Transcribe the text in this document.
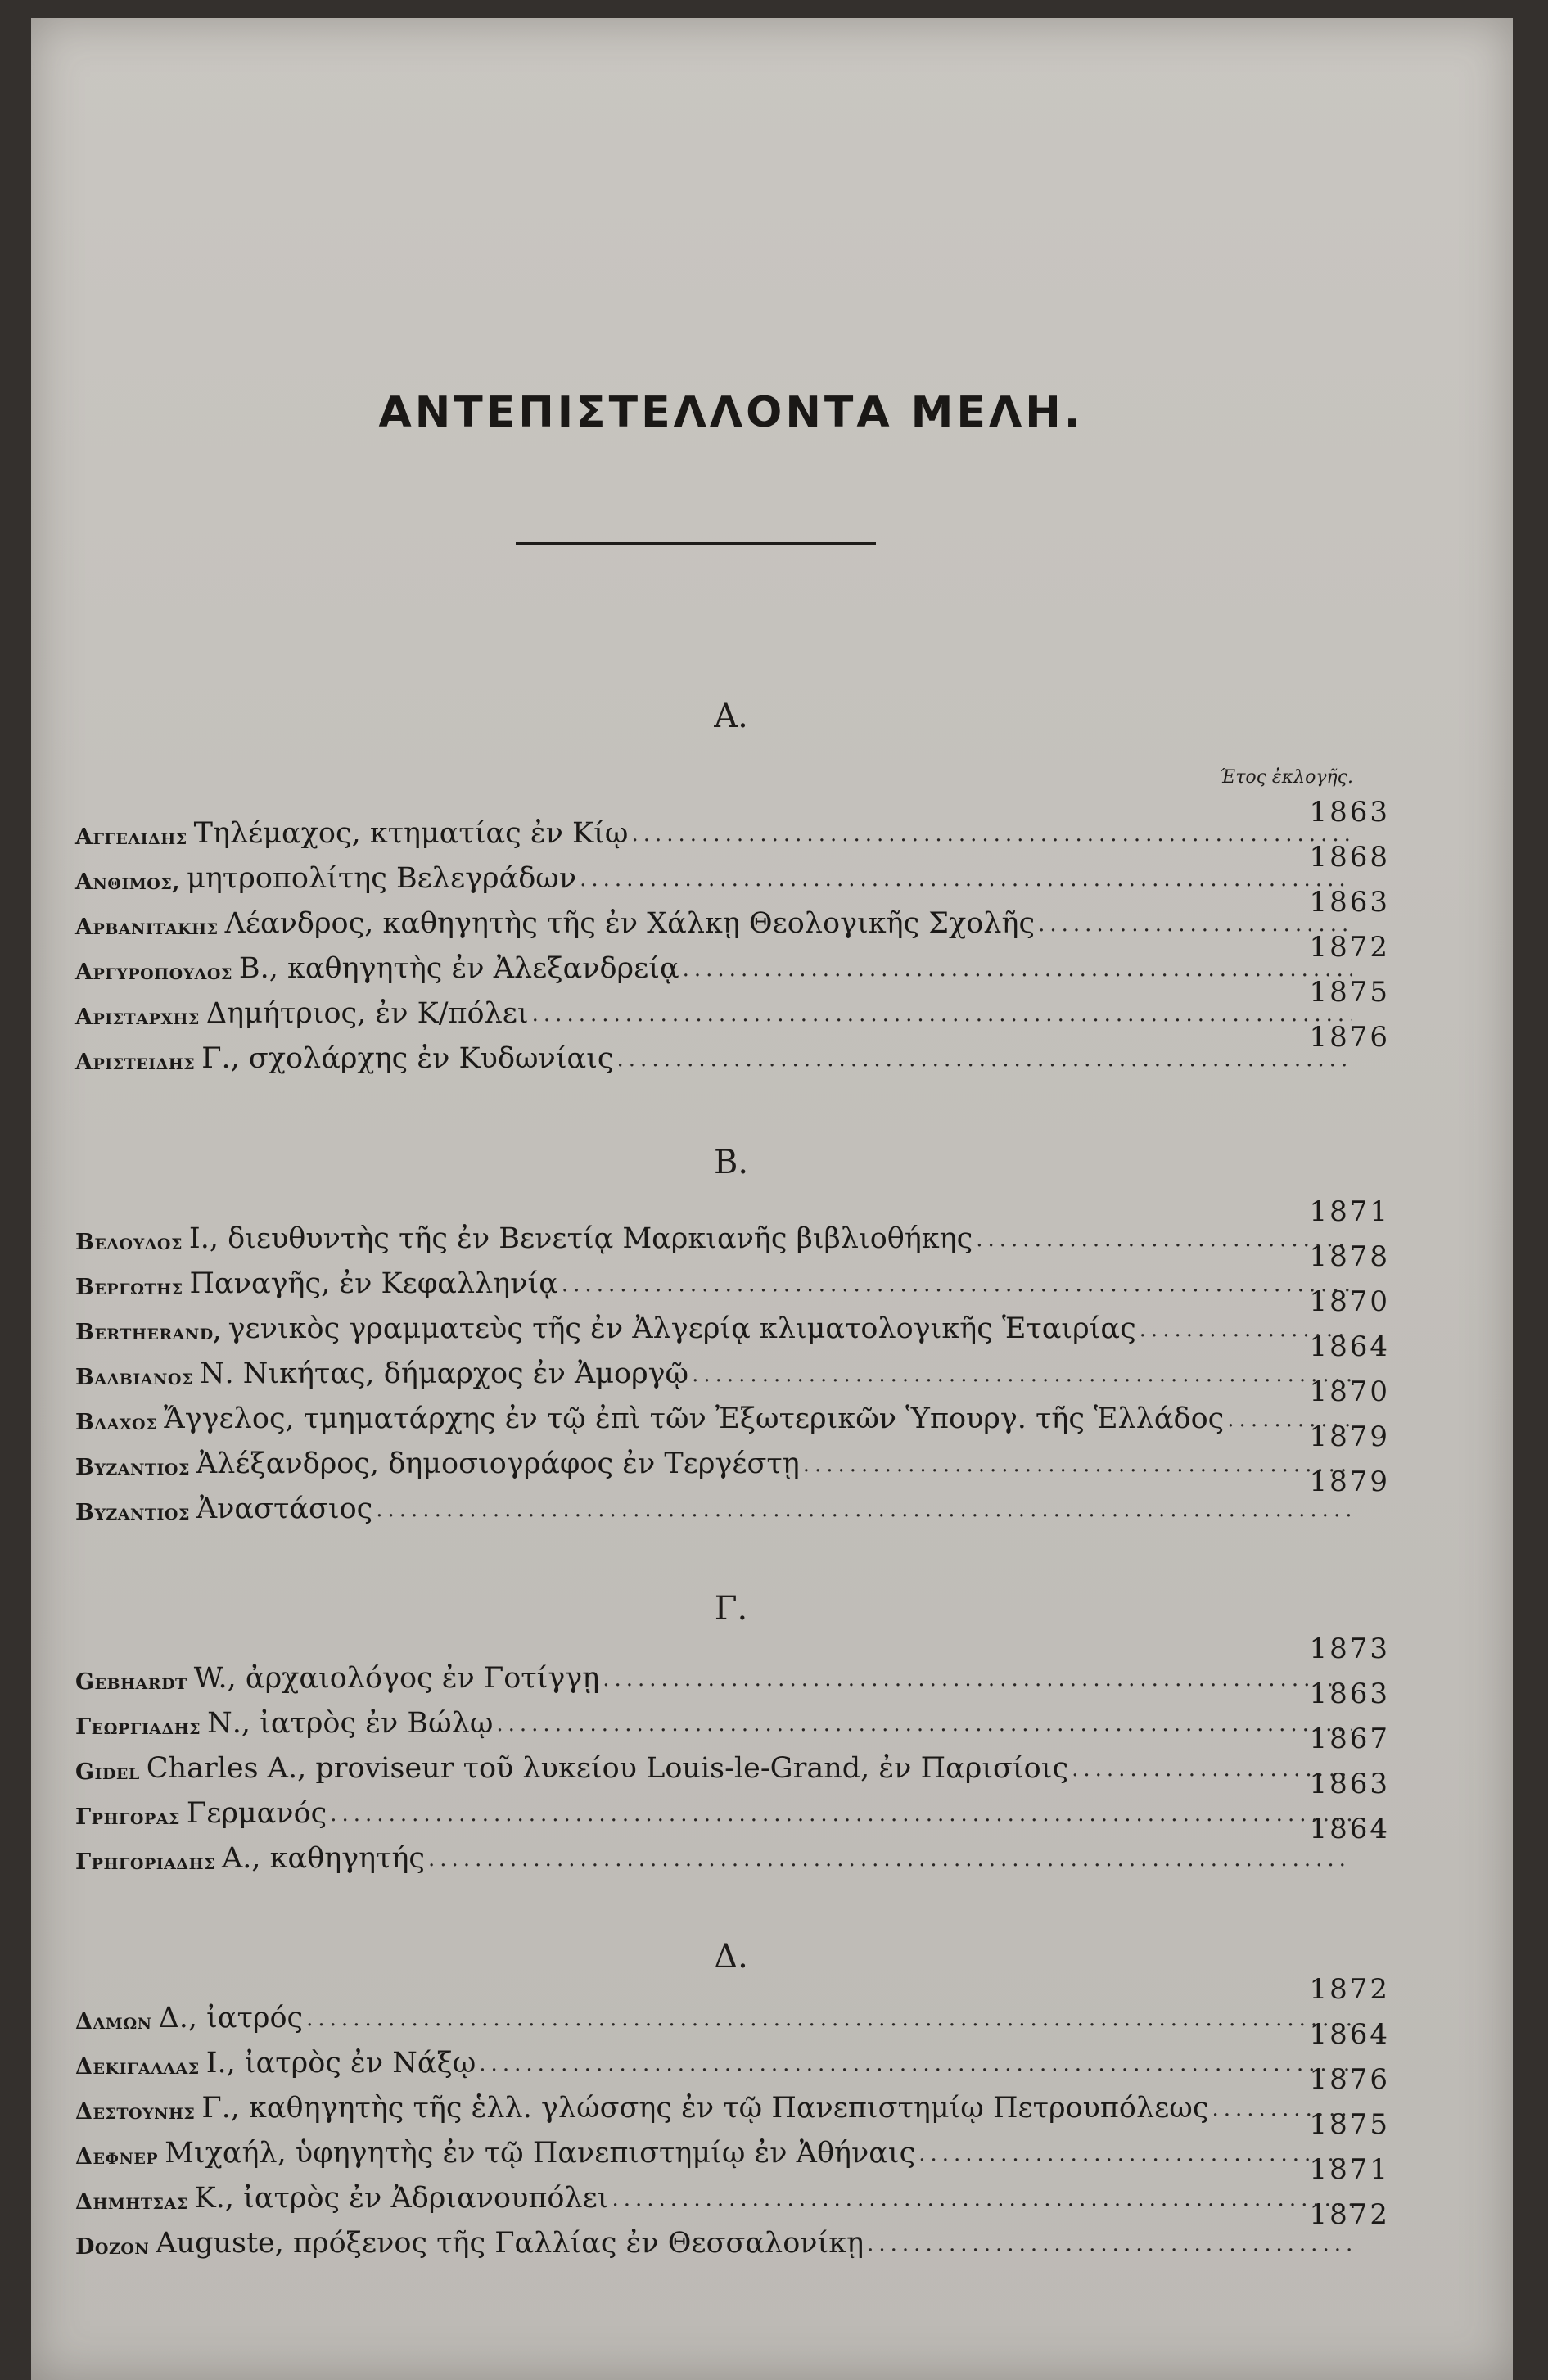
ΑΝΤΕΠΙΣΤΕΛΛΟΝΤΑ ΜΕΛΗ.
Έτος ἐκλογῆς.
Α.
1863
1868
1863
1872
1875
1876
Αγγελιδης Τηλέμαχος, κτηματίας ἐν Κίῳ
.....
Ανθιμος, μητροπολίτης Βελεγράδων
.....
Αρβανιτακης Λέανδρος, καθηγητὴς τῆς ἐν Χάλκῃ Θεολογικῆς Σχολῆς
.....
Αργυροπουλος Β., καθηγητὴς ἐν Ἀλεξανδρείᾳ
.....
Αρισταρχης Δημήτριος, ἐν Κ/πόλει
.....
Αριστειδης Γ., σχολάρχης ἐν Κυδωνίαις
.....
Β.
1871
1878
1870
1864
1870
1879
1879
Βελουδος Ι., διευθυντὴς τῆς ἐν Βενετίᾳ Μαρκιανῆς βιβλιοθήκης
.....
Βεργωτης Παναγῆς, ἐν Κεφαλληνίᾳ
.....
Bertherand, γενικὸς γραμματεὺς τῆς ἐν Ἀλγερίᾳ κλιματολογικῆς Ἑταιρίας
.....
Βαλβιανος Ν. Νικήτας, δήμαρχος ἐν Ἀμοργῷ
.....
Βλαχος Ἄγγελος, τμηματάρχης ἐν τῷ ἐπὶ τῶν Ἐξωτερικῶν Ὑπουργ. τῆς Ἑλλάδος
.....
Βυζαντιος Ἀλέξανδρος, δημοσιογράφος ἐν Τεργέστῃ
.....
Βυζαντιος Ἀναστάσιος
.....
Γ.
1873
1863
1867
1863
1864
Gebhardt W., ἀρχαιολόγος ἐν Γοτίγγῃ
.....
Γεωργιαδης Ν., ἰατρὸς ἐν Βώλῳ
.....
Gidel Charles A., proviseur τοῦ λυκείου Louis-le-Grand, ἐν Παρισίοις
.....
Γρηγορας Γερμανός
.....
Γρηγοριαδης Α., καθηγητής
.....
Δ.
1872
1864
1876
1875
1871
1872
Δαμων Δ., ἰατρός
.....
Δεκιγαλλας Ι., ἰατρὸς ἐν Νάξῳ
.....
Δεστουνης Γ., καθηγητὴς τῆς ἑλλ. γλώσσης ἐν τῷ Πανεπιστημίῳ Πετρουπόλεως
.....
Δεφνερ Μιχαήλ, ὑφηγητὴς ἐν τῷ Πανεπιστημίῳ ἐν Ἀθήναις
.....
Δημητσας Κ., ἰατρὸς ἐν Ἀδριανουπόλει
.....
Dozon Auguste, πρόξενος τῆς Γαλλίας ἐν Θεσσαλονίκῃ
.....
